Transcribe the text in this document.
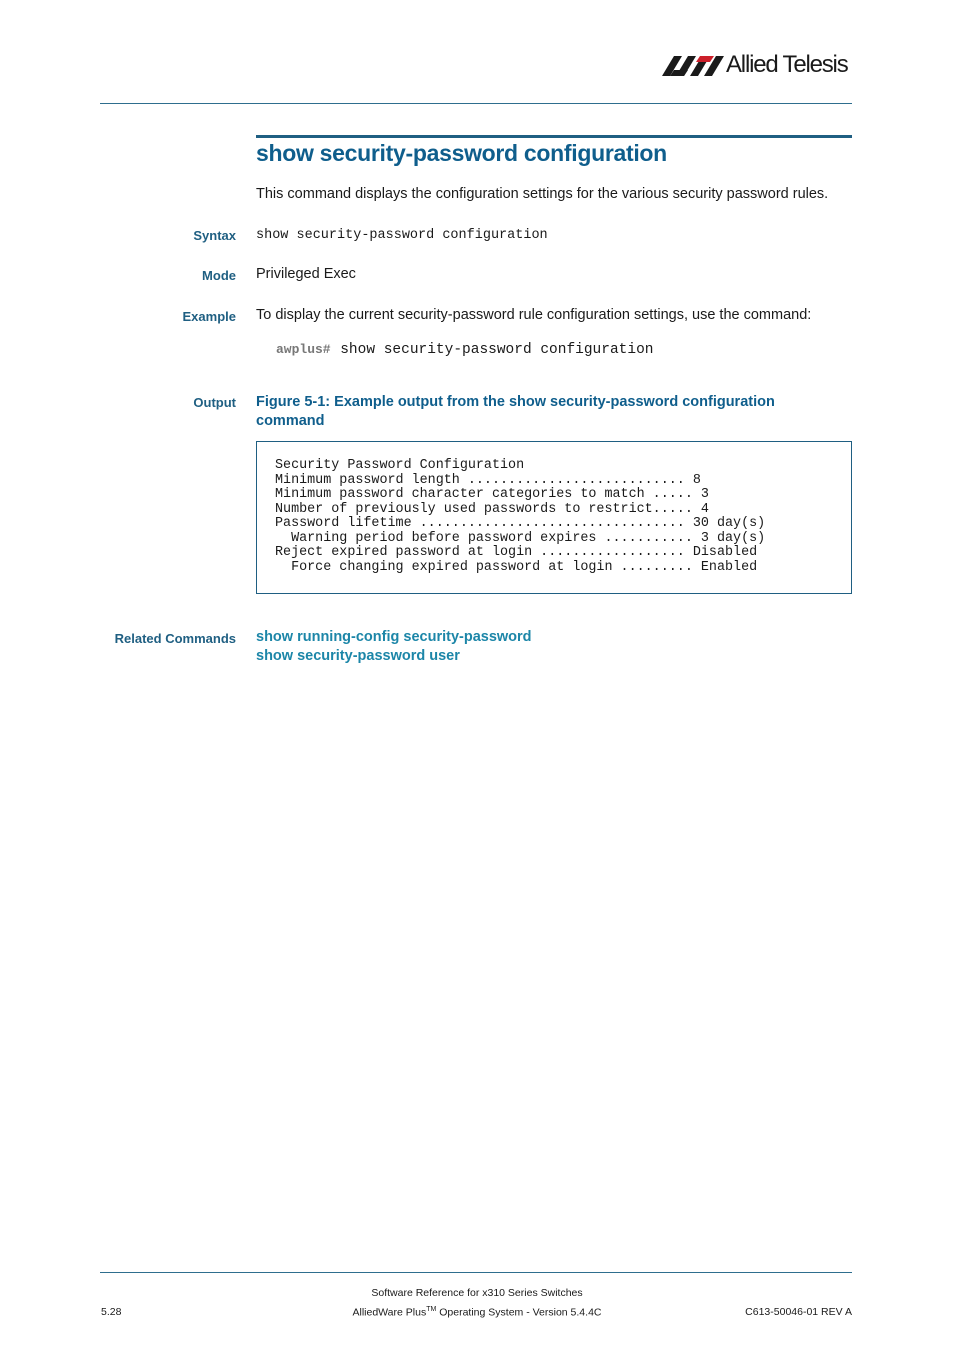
Allied Telesis
show security-password configuration
This command displays the configuration settings for the various security password rules.
Syntax show security-password configuration
Mode Privileged Exec
Example To display the current security-password rule configuration settings, use the command:
awplus# show security-password configuration
Output Figure 5-1: Example output from the show security-password configuration command
Security Password Configuration
Minimum password length ........................... 8
Minimum password character categories to match ..... 3
Number of previously used passwords to restrict..... 4
Password lifetime ................................. 30 day(s)
Warning period before password expires ........... 3 day(s)
Reject expired password at login .................. Disabled
Force changing expired password at login ......... Enabled
Related Commands show running-config security-password
show security-password user
Software Reference for x310 Series Switches
5.28	AlliedWare Plus™ Operating System - Version 5.4.4C	C613-50046-01 REV A
